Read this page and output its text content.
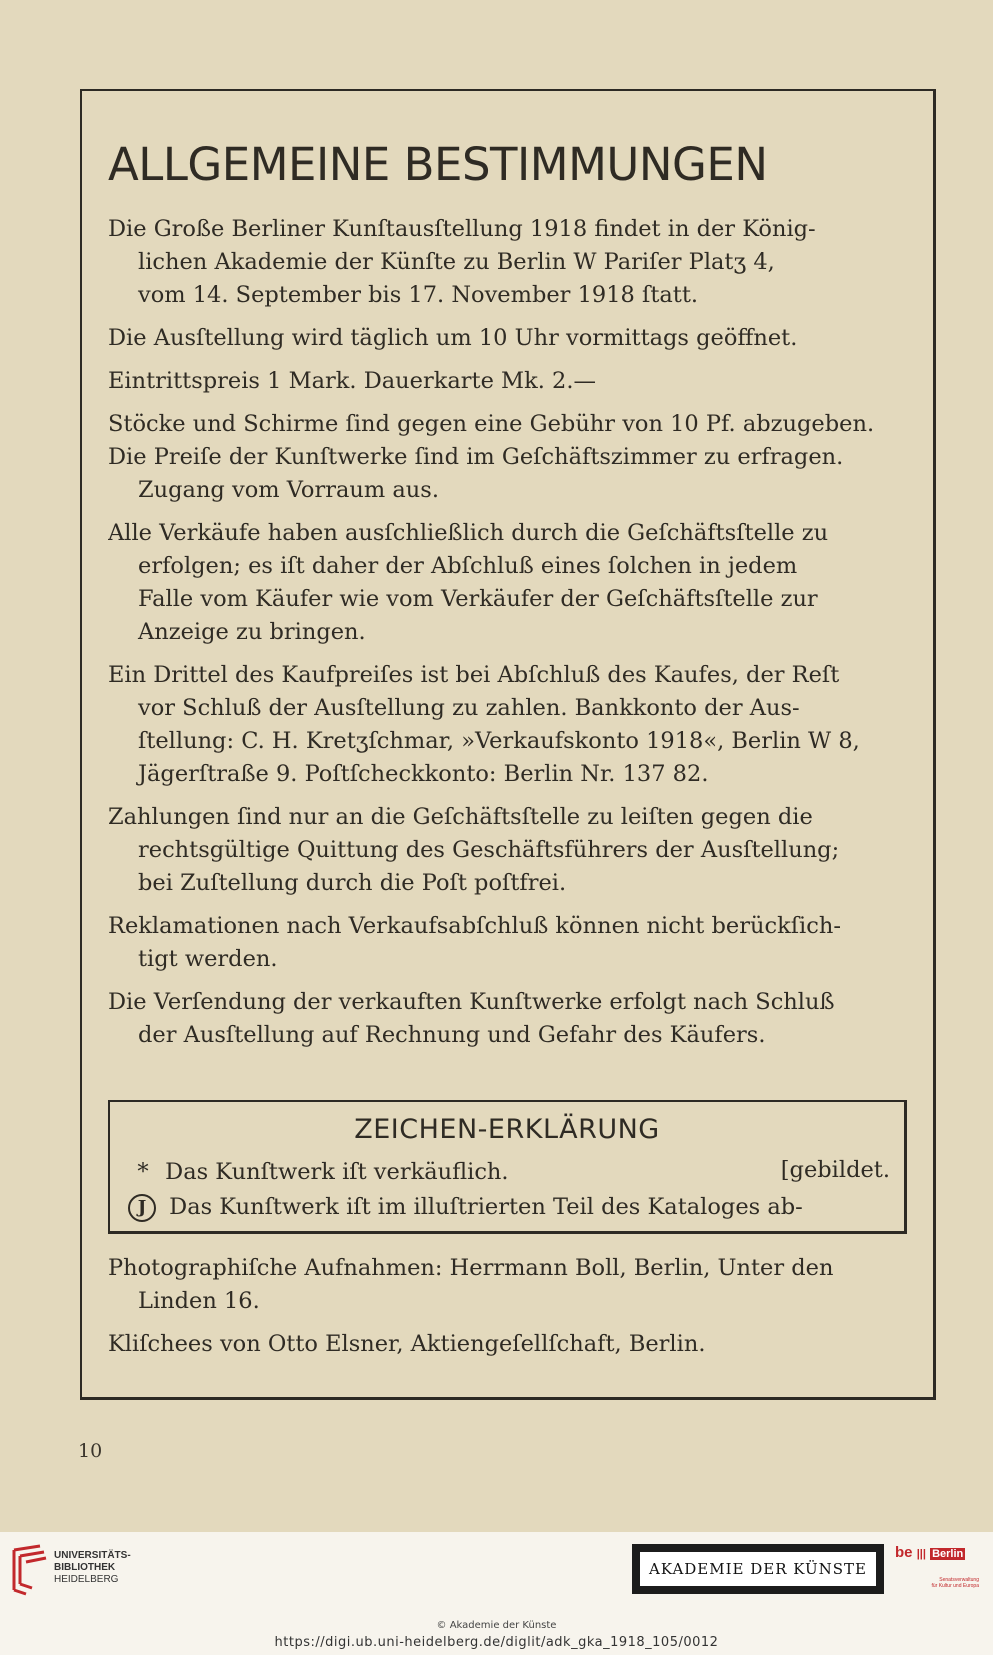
ALLGEMEINE BESTIMMUNGEN
Die Große Berliner Kunſtausſtellung 1918 findet in der König-
lichen Akademie der Künſte zu Berlin W Pariſer Platʒ 4,
vom 14. September bis 17. November 1918 ſtatt.
Die Ausſtellung wird täglich um 10 Uhr vormittags geöffnet.
Eintrittspreis 1 Mark. Dauerkarte Mk. 2.—
Stöcke und Schirme ſind gegen eine Gebühr von 10 Pf. abzugeben.
Die Preiſe der Kunſtwerke ſind im Geſchäftszimmer zu erfragen.
Zugang vom Vorraum aus.
Alle Verkäufe haben ausſchließlich durch die Geſchäftsſtelle zu
erfolgen; es iſt daher der Abſchluß eines ſolchen in jedem
Falle vom Käufer wie vom Verkäufer der Geſchäftsſtelle zur
Anzeige zu bringen.
Ein Drittel des Kaufpreiſes ist bei Abſchluß des Kaufes, der Reſt
vor Schluß der Ausſtellung zu zahlen. Bankkonto der Aus-
ſtellung: C. H. Kretʒſchmar, »Verkaufskonto 1918«, Berlin W 8,
Jägerſtraße 9. Poſtſcheckkonto: Berlin Nr. 137 82.
Zahlungen ſind nur an die Geſchäftsſtelle zu leiſten gegen die
rechtsgültige Quittung des Geschäftsführers der Ausſtellung;
bei Zuſtellung durch die Poſt poſtfrei.
Reklamationen nach Verkaufsabſchluß können nicht berückſich-
tigt werden.
Die Verſendung der verkauften Kunſtwerke erfolgt nach Schluß
der Ausſtellung auf Rechnung und Gefahr des Käufers.
ZEICHEN-ERKLÄRUNG
* Das Kunſtwerk iſt verkäuflich.	[gebildet.
J Das Kunſtwerk iſt im illuſtrierten Teil des Kataloges ab-
Photographiſche Aufnahmen: Herrmann Boll, Berlin, Unter den
Linden 16.
Kliſchees von Otto Elsner, Aktiengeſellſchaft, Berlin.
10
UNIVERSITÄTS-
BIBLIOTHEK
HEIDELBERG
AKADEMIE DER KÜNSTE
be ||| Berlin
Senatsverwaltung
für Kultur und Europa
© Akademie der Künste
https://digi.ub.uni-heidelberg.de/diglit/adk_gka_1918_105/0012
